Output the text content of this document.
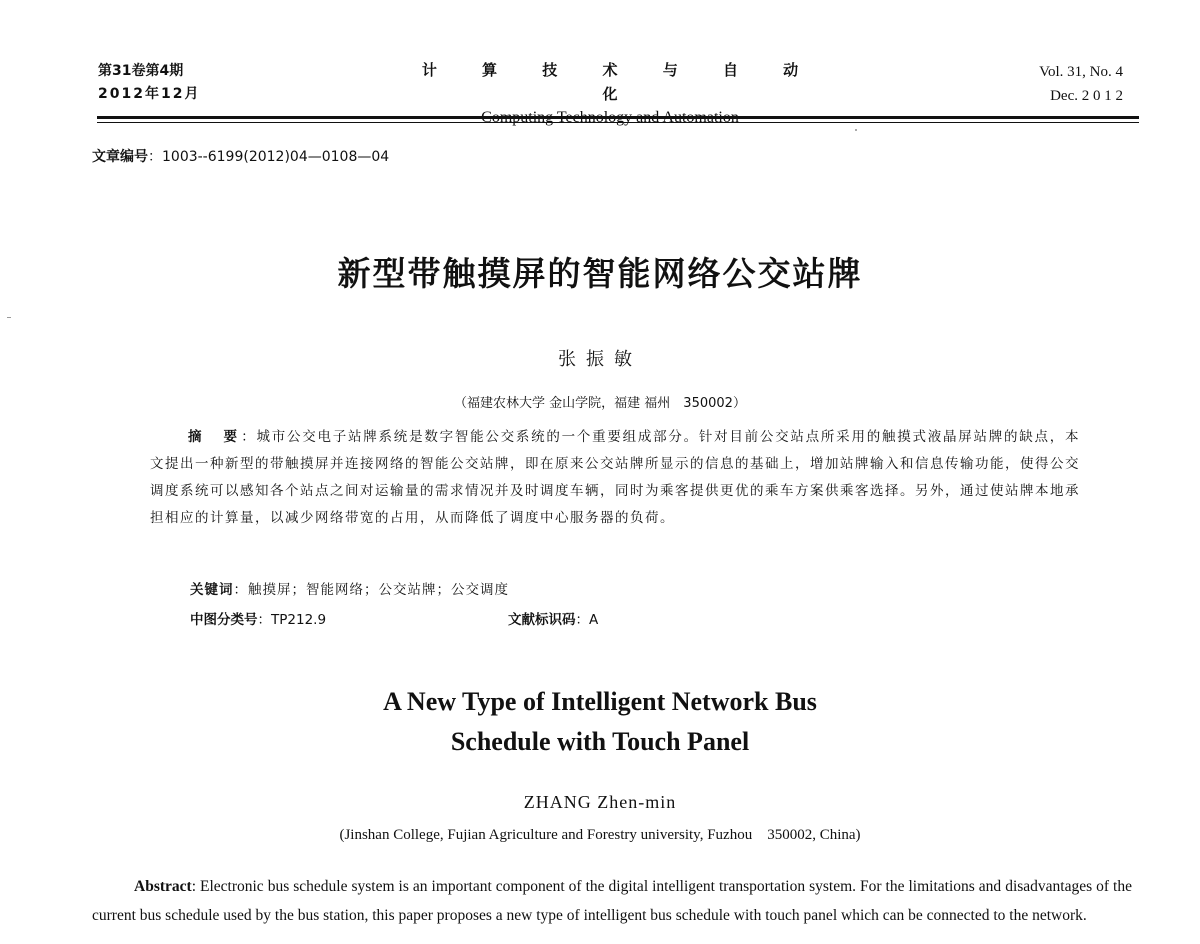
第31卷第4期
2012年12月
计 算 技 术 与 自 动 化
Vol. 31, No. 4
Dec. 2 0 1 2
文章编号：1003--6199(2012)04—0108—04
新型带触摸屏的智能网络公交站牌
张振敏
（福建农林大学 金山学院，福建 福州　350002）
摘　要：城市公交电子站牌系统是数字智能公交系统的一个重要组成部分。针对目前公交站点所采用的触摸式液晶屏站牌的缺点，本文提出一种新型的带触摸屏并连接网络的智能公交站牌，即在原来公交站牌所显示的信息的基础上，增加站牌输入和信息传输功能，使得公交调度系统可以感知各个站点之间对运输量的需求情况并及时调度车辆，同时为乘客提供更优的乘车方案供乘客选择。另外，通过使站牌本地承担相应的计算量，以减少网络带宽的占用，从而降低了调度中心服务器的负荷。
关键词：触摸屏；智能网络；公交站牌；公交调度
中图分类号：TP212.9	文献标识码：A
A New Type of Intelligent Network Bus
Schedule with Touch Panel
ZHANG Zhen-min
(Jinshan College, Fujian Agriculture and Forestry university, Fuzhou　350002, China)
Abstract: Electronic bus schedule system is an important component of the digital intelligent transportation system. For the limitations and disadvantages of the current bus schedule used by the bus station, this paper proposes a new type of intelligent bus schedule with touch panel which can be connected to the network.
